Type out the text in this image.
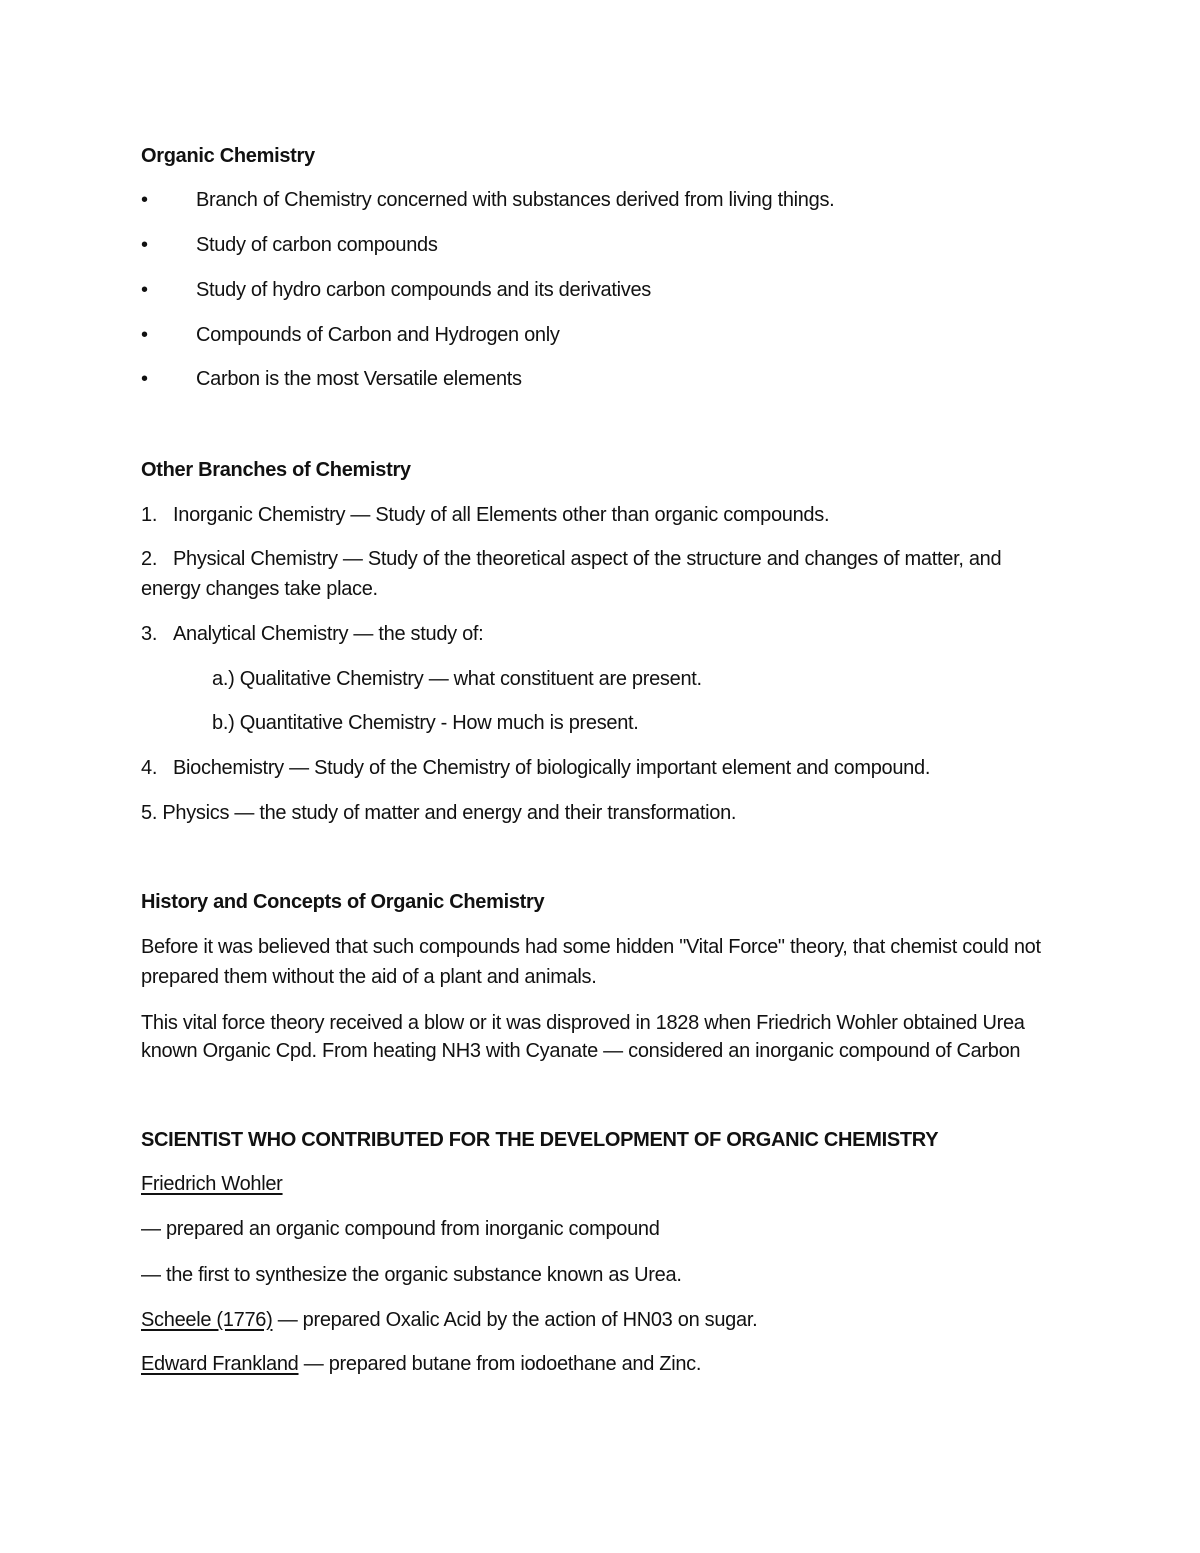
Organic Chemistry
• Branch of Chemistry concerned with substances derived from living things.
• Study of carbon compounds
• Study of hydro carbon compounds and its derivatives
• Compounds of Carbon and Hydrogen only
• Carbon is the most Versatile elements
Other Branches of Chemistry
1. Inorganic Chemistry — Study of all Elements other than organic compounds.
2. Physical Chemistry — Study of the theoretical aspect of the structure and changes of matter, and
energy changes take place.
3. Analytical Chemistry — the study of:
a.) Qualitative Chemistry — what constituent are present.
b.) Quantitative Chemistry - How much is present.
4. Biochemistry — Study of the Chemistry of biologically important element and compound.
5. Physics — the study of matter and energy and their transformation.
History and Concepts of Organic Chemistry
Before it was believed that such compounds had some hidden "Vital Force" theory, that chemist could not
prepared them without the aid of a plant and animals.
This vital force theory received a blow or it was disproved in 1828 when Friedrich Wohler obtained Urea
known Organic Cpd. From heating NH3 with Cyanate — considered an inorganic compound of Carbon
SCIENTIST WHO CONTRIBUTED FOR THE DEVELOPMENT OF ORGANIC CHEMISTRY
Friedrich Wohler
— prepared an organic compound from inorganic compound
— the first to synthesize the organic substance known as Urea.
Scheele (1776) — prepared Oxalic Acid by the action of HN03 on sugar.
Edward Frankland — prepared butane from iodoethane and Zinc.
